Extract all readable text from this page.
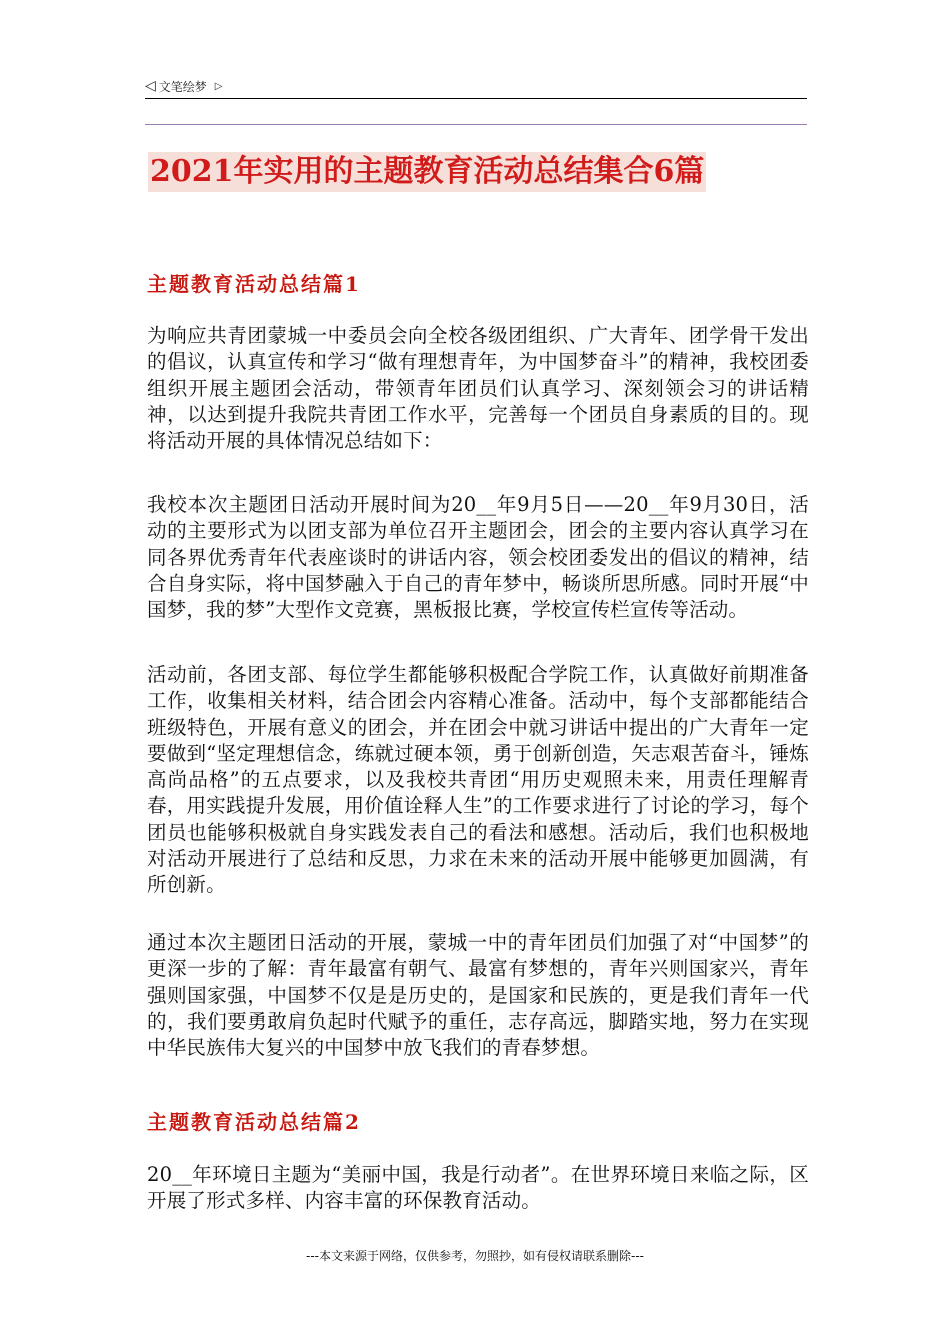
◁ 文笔绘梦 ▷
2021年实用的主题教育活动总结集合6篇
主题教育活动总结篇1

为响应共青团蒙城一中委员会向全校各级团组织、广大青年、团学骨干发出的倡议，认真宣传和学习“做有理想青年，为中国梦奋斗”的精神，我校团委组织开展主题团会活动，带领青年团员们认真学习、深刻领会习的讲话精神，以达到提升我院共青团工作水平，完善每一个团员自身素质的目的。现将活动开展的具体情况总结如下：

我校本次主题团日活动开展时间为20__年9月5日——20__年9月30日，活动的主要形式为以团支部为单位召开主题团会，团会的主要内容认真学习在同各界优秀青年代表座谈时的讲话内容，领会校团委发出的倡议的精神，结合自身实际，将中国梦融入于自己的青年梦中，畅谈所思所感。同时开展“中国梦，我的梦”大型作文竞赛，黑板报比赛，学校宣传栏宣传等活动。

活动前，各团支部、每位学生都能够积极配合学院工作，认真做好前期准备工作，收集相关材料，结合团会内容精心准备。活动中，每个支部都能结合班级特色，开展有意义的团会，并在团会中就习讲话中提出的广大青年一定要做到“坚定理想信念，练就过硬本领，勇于创新创造，矢志艰苦奋斗，锤炼高尚品格”的五点要求，以及我校共青团“用历史观照未来，用责任理解青春，用实践提升发展，用价值诠释人生”的工作要求进行了讨论的学习，每个团员也能够积极就自身实践发表自己的看法和感想。活动后，我们也积极地对活动开展进行了总结和反思，力求在未来的活动开展中能够更加圆满，有所创新。

通过本次主题团日活动的开展，蒙城一中的青年团员们加强了对“中国梦”的更深一步的了解：青年最富有朝气、最富有梦想的，青年兴则国家兴，青年强则国家强，中国梦不仅是是历史的，是国家和民族的，更是我们青年一代的，我们要勇敢肩负起时代赋予的重任，志存高远，脚踏实地，努力在实现中华民族伟大复兴的中国梦中放飞我们的青春梦想。

主题教育活动总结篇2

20__年环境日主题为“美丽中国，我是行动者”。在世界环境日来临之际，区开展了形式多样、内容丰富的环保教育活动。

---本文来源于网络，仅供参考，勿照抄，如有侵权请联系删除---
